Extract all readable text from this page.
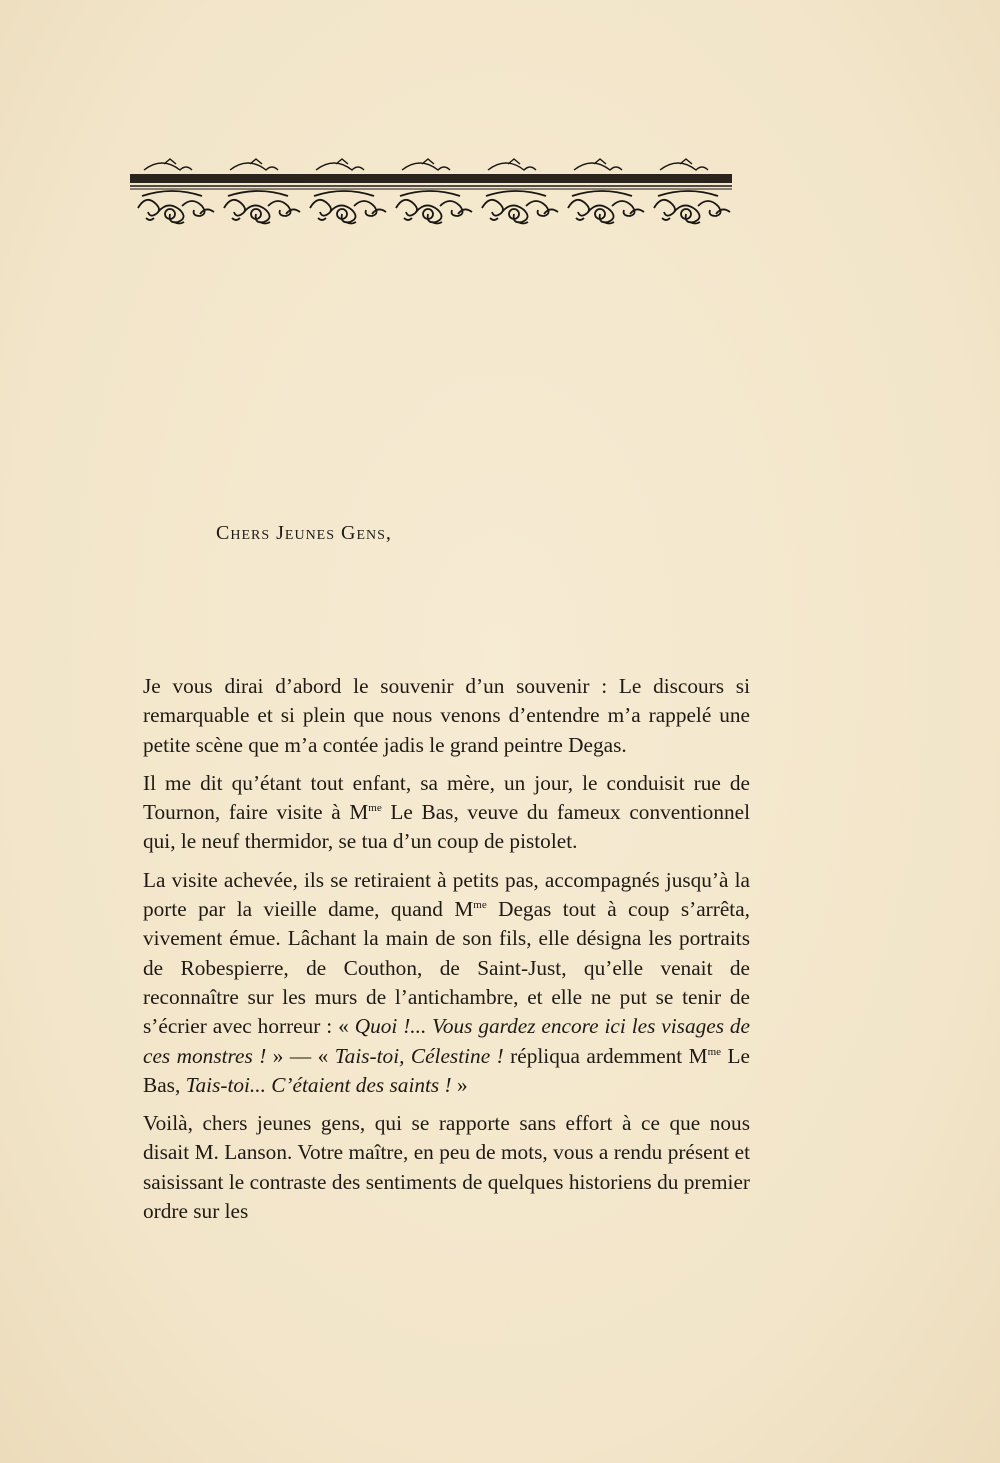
Chers Jeunes Gens,

Je vous dirai d’abord le souvenir d’un souvenir : Le discours si remarquable et si plein que nous venons d’entendre m’a rappelé une petite scène que m’a contée jadis le grand peintre Degas.

Il me dit qu’étant tout enfant, sa mère, un jour, le conduisit rue de Tournon, faire visite à $M^{me}$ Le Bas, veuve du fameux conventionnel qui, le neuf thermidor, se tua d’un coup de pistolet.

La visite achevée, ils se retiraient à petits pas, accompagnés jusqu’à la porte par la vieille dame, quand $M^{me}$ Degas tout à coup s’arrêta, vivement émue. Lâchant la main de son fils, elle désigna les portraits de Robespierre, de Couthon, de Saint-Just, qu’elle venait de reconnaître sur les murs de l’antichambre, et elle ne put se tenir de s’écrier avec horreur : « Quoi !... Vous gardez encore ici les visages de ces monstres ! » — « Tais-toi, Célestine ! répliqua ardemment $M^{me}$ Le Bas, Tais-toi... C’étaient des saints ! »

Voilà, chers jeunes gens, qui se rapporte sans effort à ce que nous disait M. Lanson. Votre maître, en peu de mots, vous a rendu présent et saisissant le contraste des sentiments de quelques historiens du premier ordre sur les
